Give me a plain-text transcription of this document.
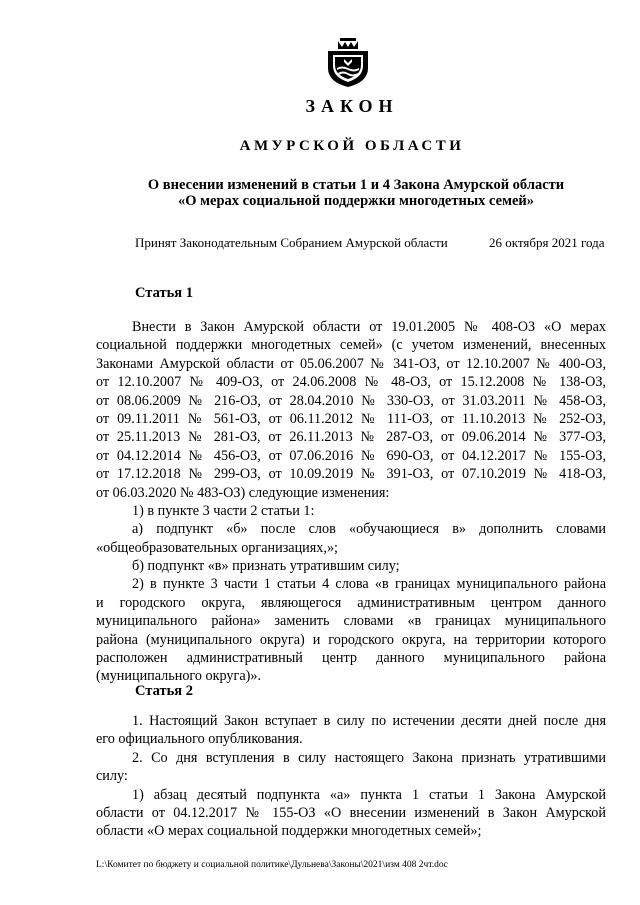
ЗАКОН
АМУРСКОЙ ОБЛАСТИ
О внесении изменений в статьи 1 и 4 Закона Амурской области
«О мерах социальной поддержки многодетных семей»
Принят Законодательным Собранием Амурской области	26 октября 2021 года
Статья 1
Внести в Закон Амурской области от 19.01.2005 № 408-ОЗ «О мерах
социальной поддержки многодетных семей» (с учетом изменений, внесенных
Законами Амурской области от 05.06.2007 № 341-ОЗ, от 12.10.2007 № 400-ОЗ,
от 12.10.2007 № 409-ОЗ, от 24.06.2008 № 48-ОЗ, от 15.12.2008 № 138-ОЗ,
от 08.06.2009 № 216-ОЗ, от 28.04.2010 № 330-ОЗ, от 31.03.2011 № 458-ОЗ,
от 09.11.2011 № 561-ОЗ, от 06.11.2012 № 111-ОЗ, от 11.10.2013 № 252-ОЗ,
от 25.11.2013 № 281-ОЗ, от 26.11.2013 № 287-ОЗ, от 09.06.2014 № 377-ОЗ,
от 04.12.2014 № 456-ОЗ, от 07.06.2016 № 690-ОЗ, от 04.12.2017 № 155-ОЗ,
от 17.12.2018 № 299-ОЗ, от 10.09.2019 № 391-ОЗ, от 07.10.2019 № 418-ОЗ,
от 06.03.2020 № 483-ОЗ) следующие изменения:
1) в пункте 3 части 2 статьи 1:
а) подпункт «б» после слов «обучающиеся в» дополнить словами
«общеобразовательных организациях,»;
б) подпункт «в» признать утратившим силу;
2) в пункте 3 части 1 статьи 4 слова «в границах муниципального района
и городского округа, являющегося административным центром данного
муниципального района» заменить словами «в границах муниципального
района (муниципального округа) и городского округа, на территории которого
расположен административный центр данного муниципального района
(муниципального округа)».
Статья 2
1. Настоящий Закон вступает в силу по истечении десяти дней после дня
его официального опубликования.
2. Со дня вступления в силу настоящего Закона признать утратившими
силу:
1) абзац десятый подпункта «а» пункта 1 статьи 1 Закона Амурской
области от 04.12.2017 № 155-ОЗ «О внесении изменений в Закон Амурской
области «О мерах социальной поддержки многодетных семей»;
L:\Комитет по бюджету и социальной политике\Дульнева\Законы\2021\изм 408 2чт.doc
